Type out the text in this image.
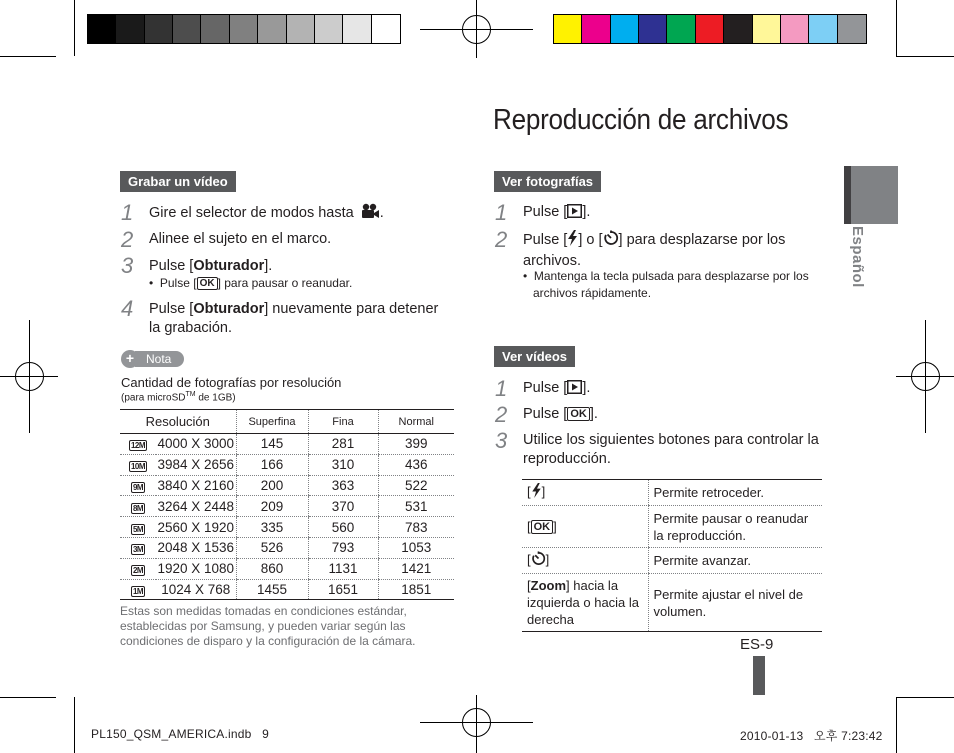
Reproducción de archivos
Grabar un vídeo
1 Gire el selector de modos hasta .
2 Alinee el sujeto en el marco.
3 Pulse [Obturador].
•  Pulse [ OK ] para pausar o reanudar.
4 Pulse [Obturador] nuevamente para detener
la grabación.
Nota
+
Cantidad de fotografías por resolución
(para microSD™ de 1GB)
Resolución		Superfina	Fina	Normal
12M	4000 X 3000	145	281	399
10M	3984 X 2656	166	310	436
9M	3840 X 2160	200	363	522
8M	3264 X 2448	209	370	531
5M	2560 X 1920	335	560	783
3M	2048 X 1536	526	793	1053
2M	1920 X 1080	860	1131	1421
1M	1024 X 768	1455	1651	1851
Estas son medidas tomadas en condiciones estándar, establecidas por Samsung, y pueden variar según las condiciones de disparo y la configuración de la cámara.
Ver fotografías
1 Pulse [ ].
2 Pulse [ ] o [ ] para desplazarse por los
archivos.
•  Mantenga la tecla pulsada para desplazarse por los archivos rápidamente.
Ver vídeos
1 Pulse [ ].
2 Pulse [ OK ].
3 Utilice los siguientes botones para controlar la
reproducción.
[ ]	Permite retroceder.
[ OK ]	Permite pausar o reanudar la reproducción.
[ ]	Permite avanzar.
[Zoom] hacia la izquierda o hacia la derecha	Permite ajustar el nivel de volumen.
Español
ES-9
PL150_QSM_AMERICA.indb   9	2010-01-13   오후 7:23:42
